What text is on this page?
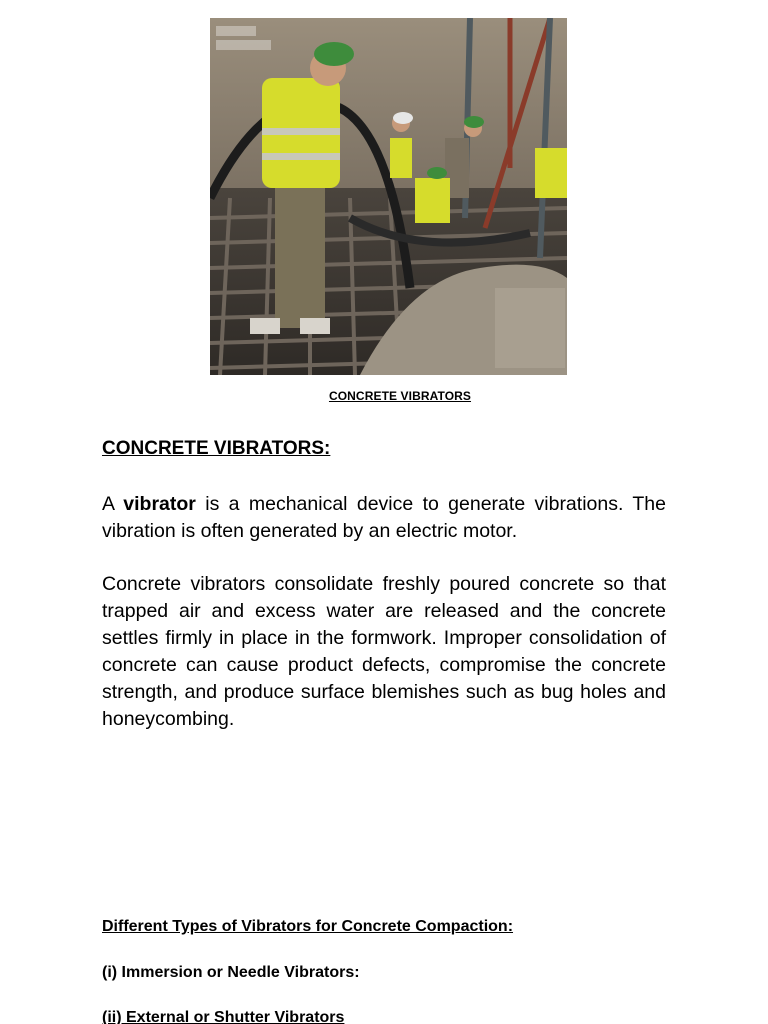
CONCRETE VIBRATORS
CONCRETE VIBRATORS:

A vibrator is a mechanical device to generate vibrations. The vibration is often generated by an electric motor.

Concrete vibrators consolidate freshly poured concrete so that trapped air and excess water are released and the concrete settles firmly in place in the formwork. Improper consolidation of concrete can cause product defects, compromise the concrete strength, and produce surface blemishes such as bug holes and honeycombing.

Different Types of Vibrators for Concrete Compaction:

(i) Immersion or Needle Vibrators:

(ii) External or Shutter Vibrators
